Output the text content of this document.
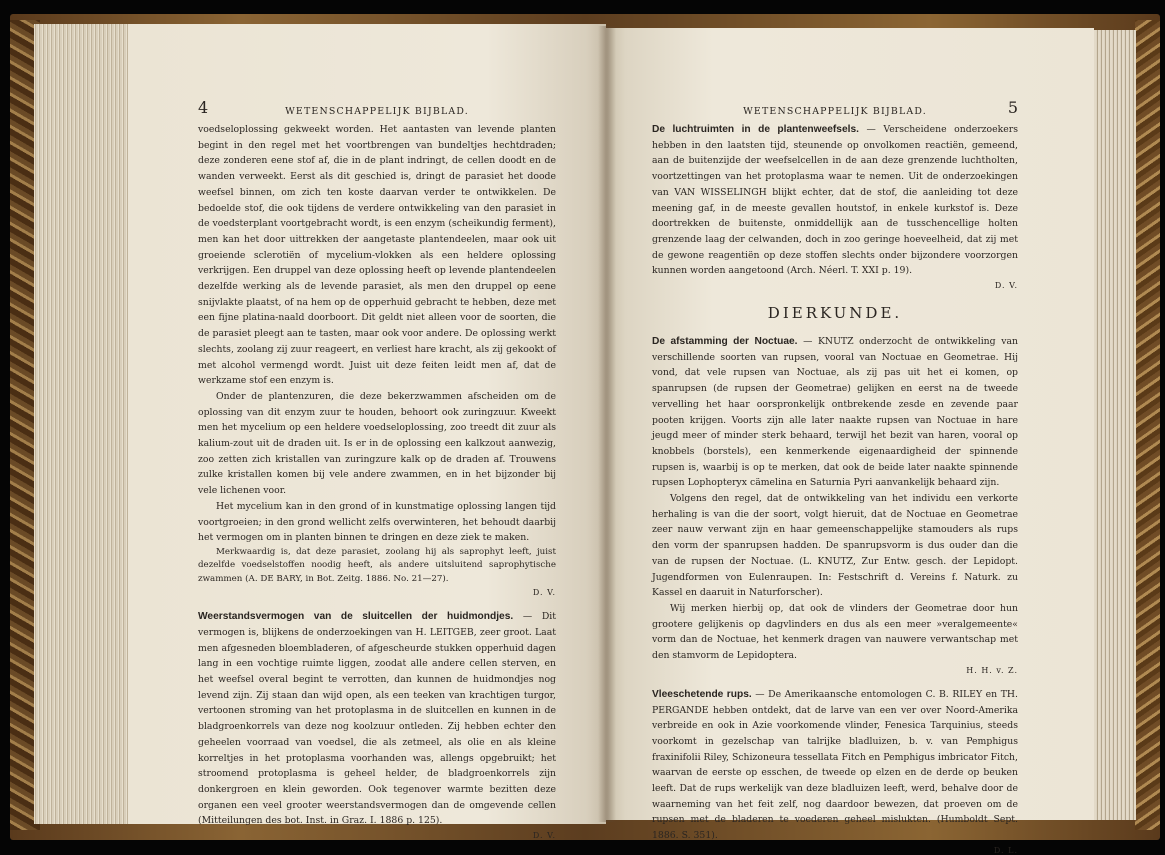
4	WETENSCHAPPELIJK BIJBLAD.

voedseloplossing gekweekt worden. Het aantasten van levende planten begint in den regel met het voortbrengen van bundeltjes hechtdraden; deze zonderen eene stof af, die in de plant indringt, de cellen doodt en de wanden verweekt. Eerst als dit geschied is, dringt de parasiet het doode weefsel binnen, om zich ten koste daarvan verder te ontwikkelen. De bedoelde stof, die ook tijdens de verdere ontwikkeling van den parasiet in de voedsterplant voortgebracht wordt, is een enzym (scheikundig ferment), men kan het door uittrekken der aangetaste plantendeelen, maar ook uit groeiende sclerotiën of mycelium-vlokken als een heldere oplossing verkrijgen. Een druppel van deze oplossing heeft op levende plantendeelen dezelfde werking als de levende parasiet, als men den druppel op eene snijvlakte plaatst, of na hem op de opperhuid gebracht te hebben, deze met een fijne platina-naald doorboort. Dit geldt niet alleen voor de soorten, die de parasiet pleegt aan te tasten, maar ook voor andere. De oplossing werkt slechts, zoolang zij zuur reageert, en verliest hare kracht, als zij gekookt of met alcohol vermengd wordt. Juist uit deze feiten leidt men af, dat de werkzame stof een enzym is.

Onder de plantenzuren, die deze bekerzwammen afscheiden om de oplossing van dit enzym zuur te houden, behoort ook zuringzuur. Kweekt men het mycelium op een heldere voedseloplossing, zoo treedt dit zuur als kalium-zout uit de draden uit. Is er in de oplossing een kalkzout aanwezig, zoo zetten zich kristallen van zuringzure kalk op de draden af. Trouwens zulke kristallen komen bij vele andere zwammen, en in het bijzonder bij vele lichenen voor.

Het mycelium kan in den grond of in kunstmatige oplossing langen tijd voortgroeien; in den grond wellicht zelfs overwinteren, het behoudt daarbij het vermogen om in planten binnen te dringen en deze ziek te maken.

Merkwaardig is, dat deze parasiet, zoolang hij als saprophyt leeft, juist dezelfde voedselstoffen noodig heeft, als andere uitsluitend saprophytische zwammen (A. DE BARY, in Bot. Zeitg. 1886. No. 21—27).

D. V.

Weerstandsvermogen van de sluitcellen der huidmondjes. — Dit vermogen is, blijkens de onderzoekingen van H. LEITGEB, zeer groot. Laat men afgesneden bloembladeren, of afgescheurde stukken opperhuid dagen lang in een vochtige ruimte liggen, zoodat alle andere cellen sterven, en het weefsel overal begint te verrotten, dan kunnen de huidmondjes nog levend zijn. Zij staan dan wijd open, als een teeken van krachtigen turgor, vertoonen stroming van het protoplasma in de sluitcellen en kunnen in de bladgroenkorrels van deze nog koolzuur ontleden. Zij hebben echter den geheelen voorraad van voedsel, die als zetmeel, als olie en als kleine korreltjes in het protoplasma voorhanden was, allengs opgebruikt; het stroomend protoplasma is geheel helder, de bladgroenkorrels zijn donkergroen en klein geworden. Ook tegenover warmte bezitten deze organen een veel grooter weerstandsvermogen dan de omgevende cellen (Mitteilungen des bot. Inst. in Graz. I. 1886 p. 125).

D. V.

WETENSCHAPPELIJK BIJBLAD.	5

De luchtruimten in de plantenweefsels. — Verscheidene onderzoekers hebben in den laatsten tijd, steunende op onvolkomen reactiën, gemeend, aan de buitenzijde der weefselcellen in de aan deze grenzende luchtholten, voortzettingen van het protoplasma waar te nemen. Uit de onderzoekingen van VAN WISSELINGH blijkt echter, dat de stof, die aanleiding tot deze meening gaf, in de meeste gevallen houtstof, in enkele kurkstof is. Deze doortrekken de buitenste, onmiddellijk aan de tusschencellige holten grenzende laag der celwanden, doch in zoo geringe hoeveelheid, dat zij met de gewone reagentiën op deze stoffen slechts onder bijzondere voorzorgen kunnen worden aangetoond (Arch. Néerl. T. XXI p. 19).

D. V.
DIERKUNDE.

De afstamming der Noctuae. — KNUTZ onderzocht de ontwikkeling van verschillende soorten van rupsen, vooral van Noctuae en Geometrae. Hij vond, dat vele rupsen van Noctuae, als zij pas uit het ei komen, op spanrupsen (de rupsen der Geometrae) gelijken en eerst na de tweede vervelling het haar oorspronkelijk ontbrekende zesde en zevende paar pooten krijgen. Voorts zijn alle later naakte rupsen van Noctuae in hare jeugd meer of minder sterk behaard, terwijl het bezit van haren, vooral op knobbels (borstels), een kenmerkende eigenaardigheid der spinnende rupsen is, waarbij is op te merken, dat ook de beide later naakte spinnende rupsen Lophopteryx cämelina en Saturnia Pyri aanvankelijk behaard zijn.

Volgens den regel, dat de ontwikkeling van het individu een verkorte herhaling is van die der soort, volgt hieruit, dat de Noctuae en Geometrae zeer nauw verwant zijn en haar gemeenschappelijke stamouders als rups den vorm der spanrupsen hadden. De spanrupsvorm is dus ouder dan die van de rupsen der Noctuae. (L. KNUTZ, Zur Entw. gesch. der Lepidopt. Jugendformen von Eulenraupen. In: Festschrift d. Vereins f. Naturk. zu Kassel en daaruit in Naturforscher).

Wij merken hierbij op, dat ook de vlinders der Geometrae door hun grootere gelijkenis op dagvlinders en dus als een meer »veralgemeente« vorm dan de Noctuae, het kenmerk dragen van nauwere verwantschap met den stamvorm de Lepidoptera.

H. H. v. Z.

Vleeschetende rups. — De Amerikaansche entomologen C. B. RILEY en TH. PERGANDE hebben ontdekt, dat de larve van een ver over Noord-Amerika verbreide en ook in Azie voorkomende vlinder, Fenesica Tarquinius, steeds voorkomt in gezelschap van talrijke bladluizen, b. v. van Pemphigus fraxinifolii Riley, Schizoneura tessellata Fitch en Pemphigus imbricator Fitch, waarvan de eerste op esschen, de tweede op elzen en de derde op beuken leeft. Dat de rups werkelijk van deze bladluizen leeft, werd, behalve door de waarneming van het feit zelf, nog daardoor bewezen, dat proeven om de rupsen met de bladeren te voederen geheel mislukten. (Humboldt Sept. 1886. S. 351).

D. L.
